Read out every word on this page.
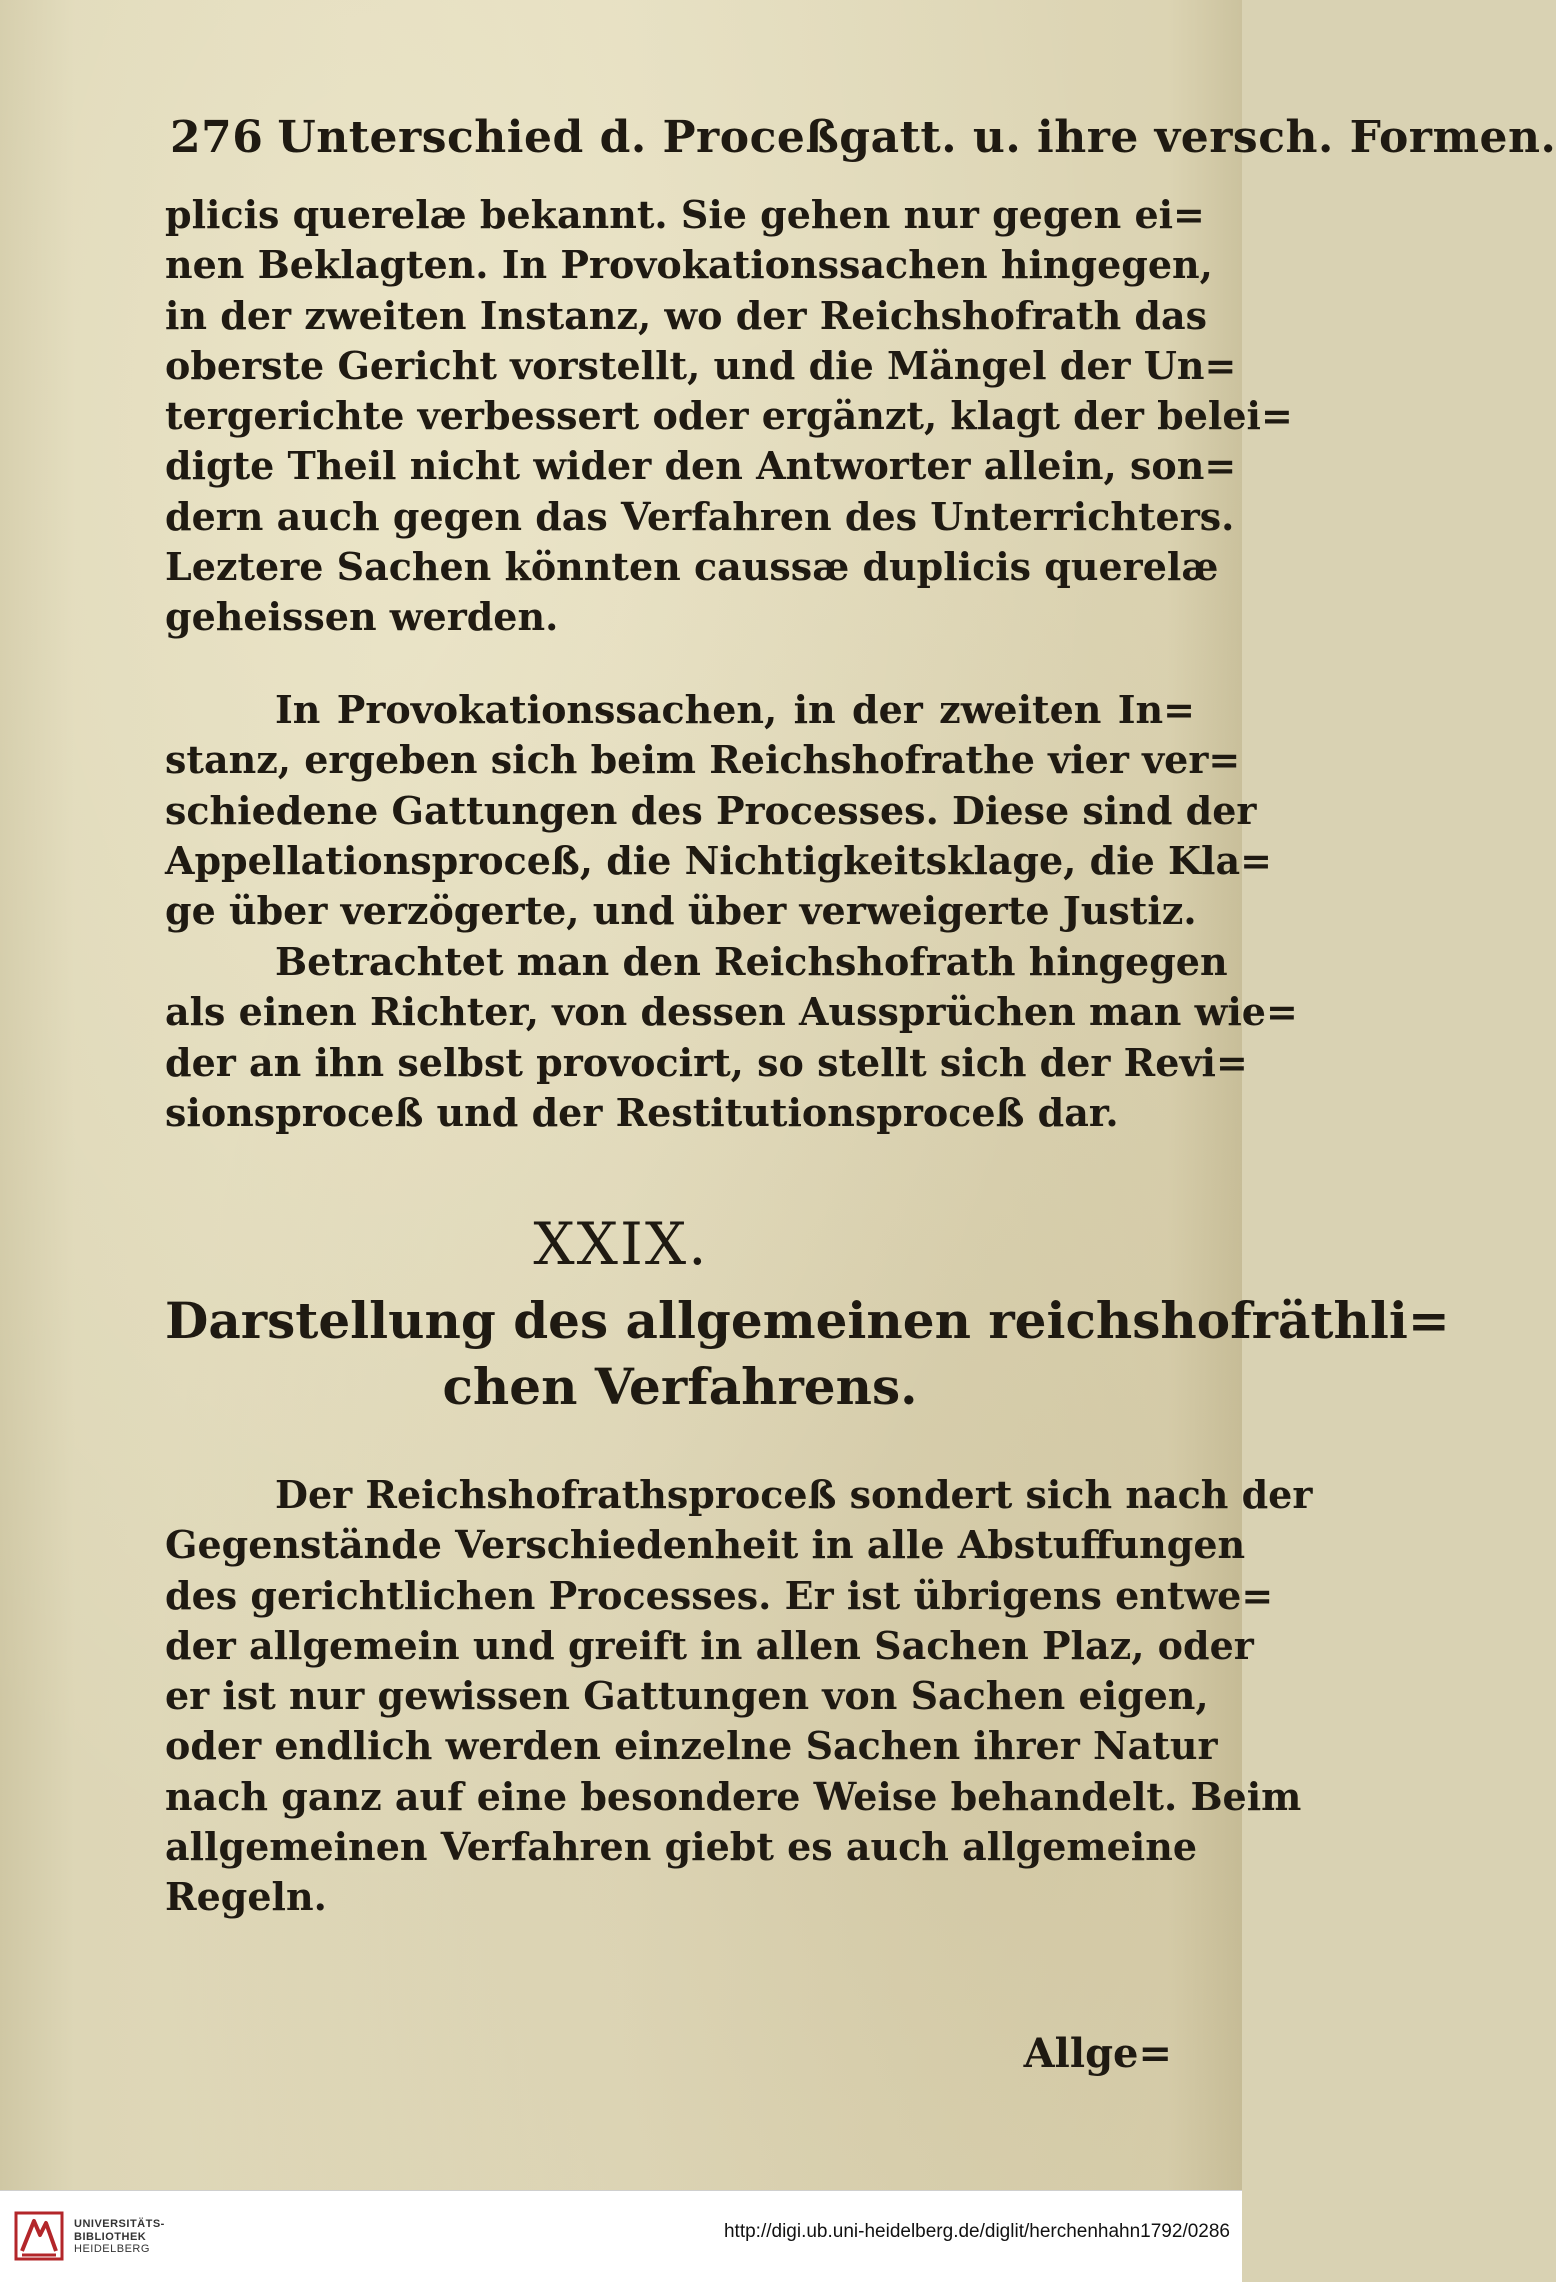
276 Unterschied d. Proceßgatt. u. ihre versch. Formen.
plicis querelæ bekannt. Sie gehen nur gegen ei=
nen Beklagten. In Provokationssachen hingegen,
in der zweiten Instanz, wo der Reichshofrath das
oberste Gericht vorstellt, und die Mängel der Un=
tergerichte verbessert oder ergänzt, klagt der belei=
digte Theil nicht wider den Antworter allein, son=
dern auch gegen das Verfahren des Unterrichters.
Leztere Sachen könnten caussæ duplicis querelæ
geheissen werden.
In Provokationssachen, in der zweiten In=
stanz, ergeben sich beim Reichshofrathe vier ver=
schiedene Gattungen des Processes. Diese sind der
Appellationsproceß, die Nichtigkeitsklage, die Kla=
ge über verzögerte, und über verweigerte Justiz.
Betrachtet man den Reichshofrath hingegen
als einen Richter, von dessen Aussprüchen man wie=
der an ihn selbst provocirt, so stellt sich der Revi=
sionsproceß und der Restitutionsproceß dar.
XXIX.
Darstellung des allgemeinen reichshofräthli=
chen Verfahrens.
Der Reichshofrathsproceß sondert sich nach der
Gegenstände Verschiedenheit in alle Abstuffungen
des gerichtlichen Processes. Er ist übrigens entwe=
der allgemein und greift in allen Sachen Plaz, oder
er ist nur gewissen Gattungen von Sachen eigen,
oder endlich werden einzelne Sachen ihrer Natur
nach ganz auf eine besondere Weise behandelt. Beim
allgemeinen Verfahren giebt es auch allgemeine
Regeln.
Allge=
UNIVERSITÄTS-
BIBLIOTHEK
HEIDELBERG
http://digi.ub.uni-heidelberg.de/diglit/herchenhahn1792/0286
